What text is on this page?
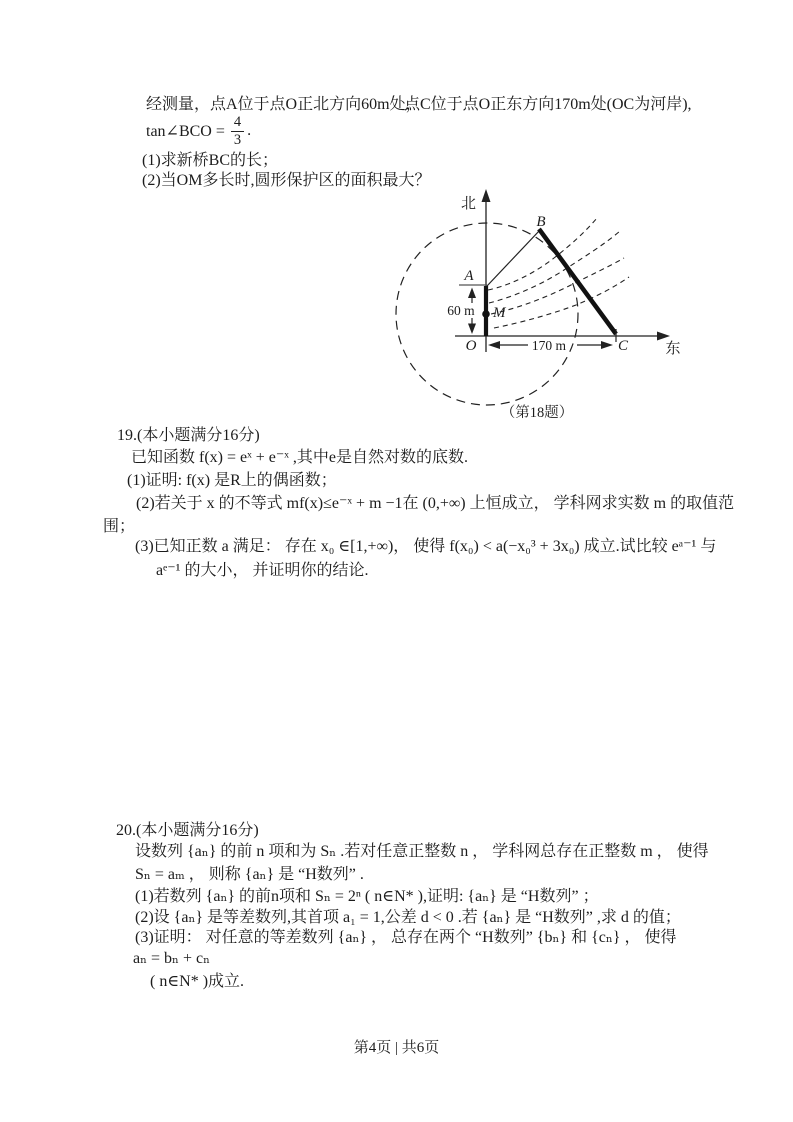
经测量，点A位于点O正北方向60m处，
点C位于点O正东方向170m处(OC为河岸),
tan∠BCO = $\frac{4}{3}$ .
(1)求新桥BC的长；
(2)当OM多长时,圆形保护区的面积最大？
北
东
B
A
M
O	C
60 m
170 m
（第18题）
19.(本小题满分16分)
已知函数 f(x) = eˣ + e⁻ˣ ,其中e是自然对数的底数.
(1)证明: f(x) 是R上的偶函数；
(2)若关于 x 的不等式 mf(x)≤e⁻ˣ + m −1在 (0,+∞) 上恒成立， 学科网求实数 m 的取值范
围；
(3)已知正数 a 满足： 存在 x₀ ∈[1,+∞)， 使得 f(x₀) < a(−x₀³ + 3x₀) 成立.试比较 eᵃ⁻¹ 与
aᵉ⁻¹ 的大小， 并证明你的结论.
20.(本小题满分16分)
设数列 {aₙ} 的前 n 项和为 Sₙ .若对任意正整数 n ， 学科网总存在正整数 m ， 使得
Sₙ = aₘ ， 则称 {aₙ} 是 “H数列” .
(1)若数列 {aₙ} 的前n项和 Sₙ = 2ⁿ ( n∈N* ),证明: {aₙ} 是 “H数列” ；
(2)设 {aₙ} 是等差数列,其首项 a₁ = 1,公差 d < 0 .若 {aₙ} 是 “H数列” ,求 d 的值；
(3)证明： 对任意的等差数列 {aₙ} ， 总存在两个 “H数列” {bₙ} 和 {cₙ} ， 使得
aₙ = bₙ + cₙ
( n∈N* )成立.
第4页 | 共6页
